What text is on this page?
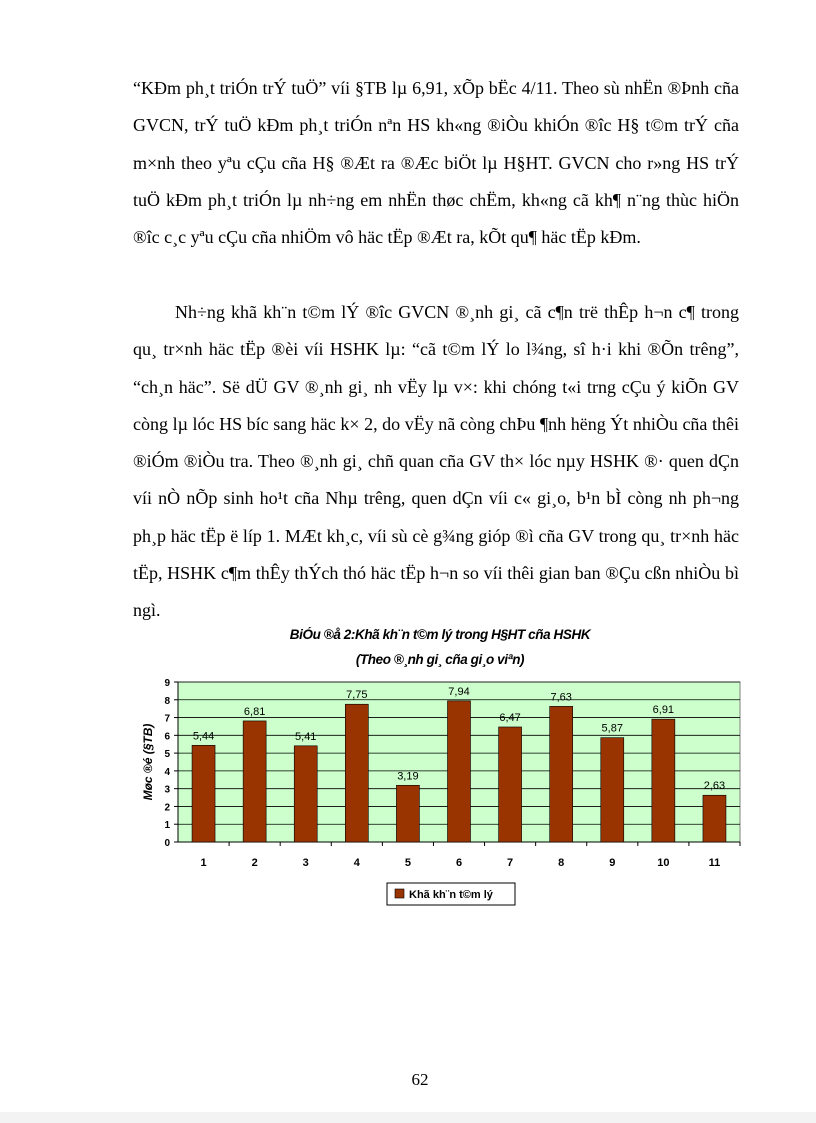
“KÐm ph¸t triÓn trÝ tuÖ” víi §TB lµ 6,91, xÕp bËc 4/11. Theo sù nhËn ®Þnh cña GVCN, trÝ tuÖ kÐm ph¸t triÓn nªn HS kh«ng ®iÒu khiÓn ®îc H§ t©m trÝ cña m×nh theo yªu cÇu cña H§ ®Æt ra ®Æc biÖt lµ H§HT. GVCN cho r»ng HS trÝ tuÖ kÐm ph¸t triÓn lµ nh÷ng em nhËn thøc chËm, kh«ng cã kh¶ n¨ng thùc hiÖn ®îc c¸c yªu cÇu cña nhiÖm vô häc tËp ®Æt ra, kÕt qu¶ häc tËp kÐm.

Nh÷ng khã kh¨n t©m lÝ ®îc GVCN ®¸nh gi¸ cã c¶n trë thÊp h¬n c¶ trong qu¸ tr×nh häc tËp ®èi víi HSHK lµ: “cã t©m lÝ lo l¾ng, sî h·i khi ®Õn trêng”, “ch¸n häc”. Së dÜ GV ®¸nh gi¸ nh vËy lµ v×: khi chóng t«i trng cÇu ý kiÕn GV còng lµ lóc HS bíc sang häc k× 2, do vËy nã còng chÞu ¶nh hëng Ýt nhiÒu cña thêi ®iÓm ®iÒu tra. Theo ®¸nh gi¸ chñ quan cña GV th× lóc nµy HSHK ®· quen dÇn víi nÒ nÕp sinh ho¹t cña Nhµ trêng, quen dÇn víi c« gi¸o, b¹n bÌ còng nh ph¬ng ph¸p häc tËp ë líp 1. MÆt kh¸c, víi sù cè g¾ng gióp ®ì cña GV trong qu¸ tr×nh häc tËp, HSHK c¶m thÊy thÝch thó häc tËp h¬n so víi thêi gian ban ®Çu cßn nhiÒu bì ngì.

BiÓu ®å 2:Khã kh¨n t©m lý trong H§HT cña HSHK
(Theo ®¸nh gi¸ cña gi¸o viªn)
0
1
2
3
4
5
6
7
8
9
5,44
1
6,81
2
5,41
3
7,75
4
3,19
5
7,94
6
6,47
7
7,63
8
5,87
9
6,91
10
2,63
11
Møc ®é (§TB)
Khã kh¨n t©m lý
62
